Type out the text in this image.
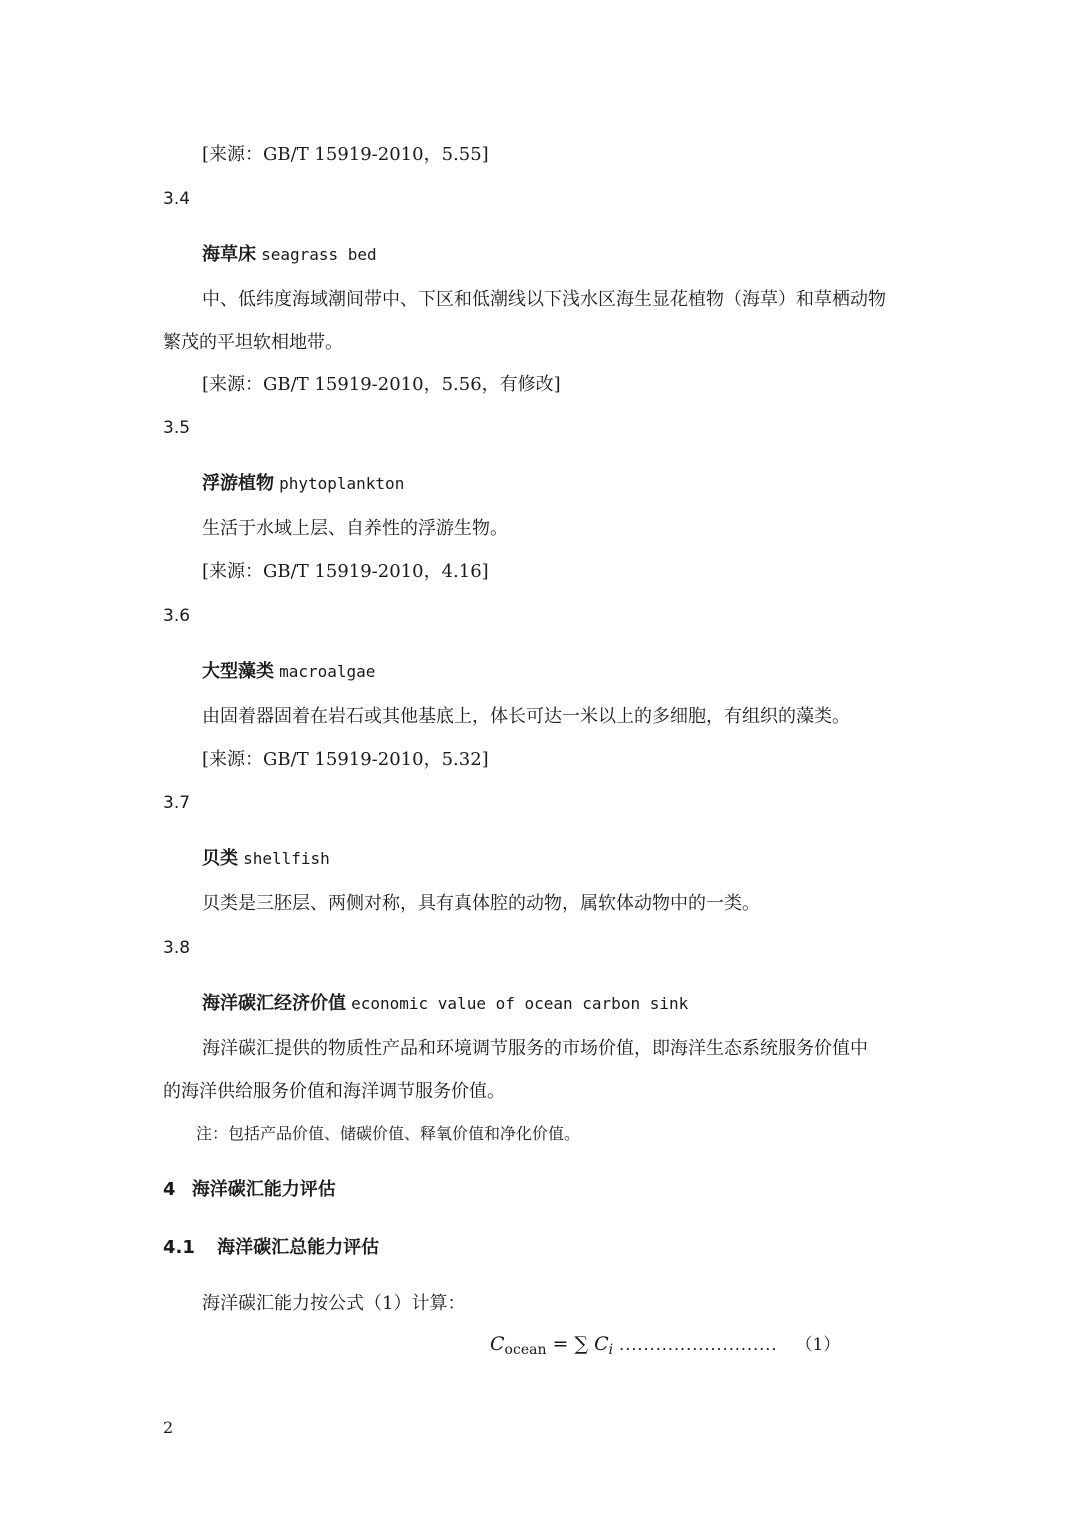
[来源：GB/T 15919-2010，5.55]
3.4
海草床 seagrass bed
中、低纬度海域潮间带中、下区和低潮线以下浅水区海生显花植物（海草）和草栖动物
繁茂的平坦软相地带。
[来源：GB/T 15919-2010，5.56，有修改]
3.5
浮游植物 phytoplankton
生活于水域上层、自养性的浮游生物。
[来源：GB/T 15919-2010，4.16]
3.6
大型藻类 macroalgae
由固着器固着在岩石或其他基底上，体长可达一米以上的多细胞，有组织的藻类。
[来源：GB/T 15919-2010，5.32]
3.7
贝类 shellfish
贝类是三胚层、两侧对称，具有真体腔的动物，属软体动物中的一类。
3.8
海洋碳汇经济价值 economic value of ocean carbon sink
海洋碳汇提供的物质性产品和环境调节服务的市场价值，即海洋生态系统服务价值中
的海洋供给服务价值和海洋调节服务价值。
注：包括产品价值、储碳价值、释氧价值和净化价值。
4 海洋碳汇能力评估
4.1 海洋碳汇总能力评估
海洋碳汇能力按公式（1）计算：
$C_{ocean}$ = ∑ $C_i$ .......................... （1）
2
